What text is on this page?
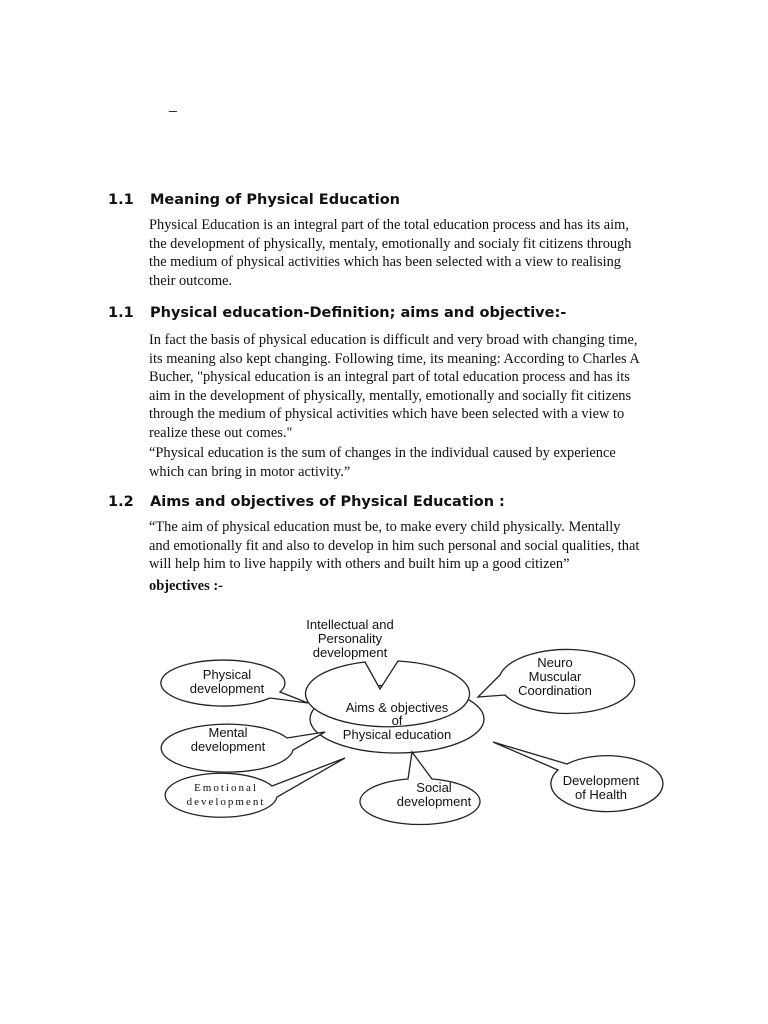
_
1.1 Meaning of Physical Education
Physical Education is an integral part of the total education process and has its aim,
the development of physically, mentaly, emotionally and socialy fit citizens through
the medium of physical activities which has been selected with a view to realising
their outcome.
1.1 Physical education-Definition; aims and objective:-
In fact the basis of physical education is difficult and very broad with changing time,
its meaning also kept changing. Following time, its meaning: According to Charles A
Bucher, "physical education is an integral part of total education process and has its
aim in the development of physically, mentally, emotionally and socially fit citizens
through the medium of physical activities which have been selected with a view to
realize these out comes."
“Physical education is the sum of changes in the individual caused by experience
which can bring in motor activity.”
1.2 Aims and objectives of Physical Education :
“The aim of physical education must be, to make every child physically. Mentally
and emotionally fit and also to develop in him such personal and social qualities, that
will help him to live happily with others and built him up a good citizen”
objectives :-
Aims & objectives
of
Physical education
Intellectual and
Personality
development
Physical
development
Neuro
Muscular
Coordination
Mental
development
Emotional
development
Social
development
Development
of Health
